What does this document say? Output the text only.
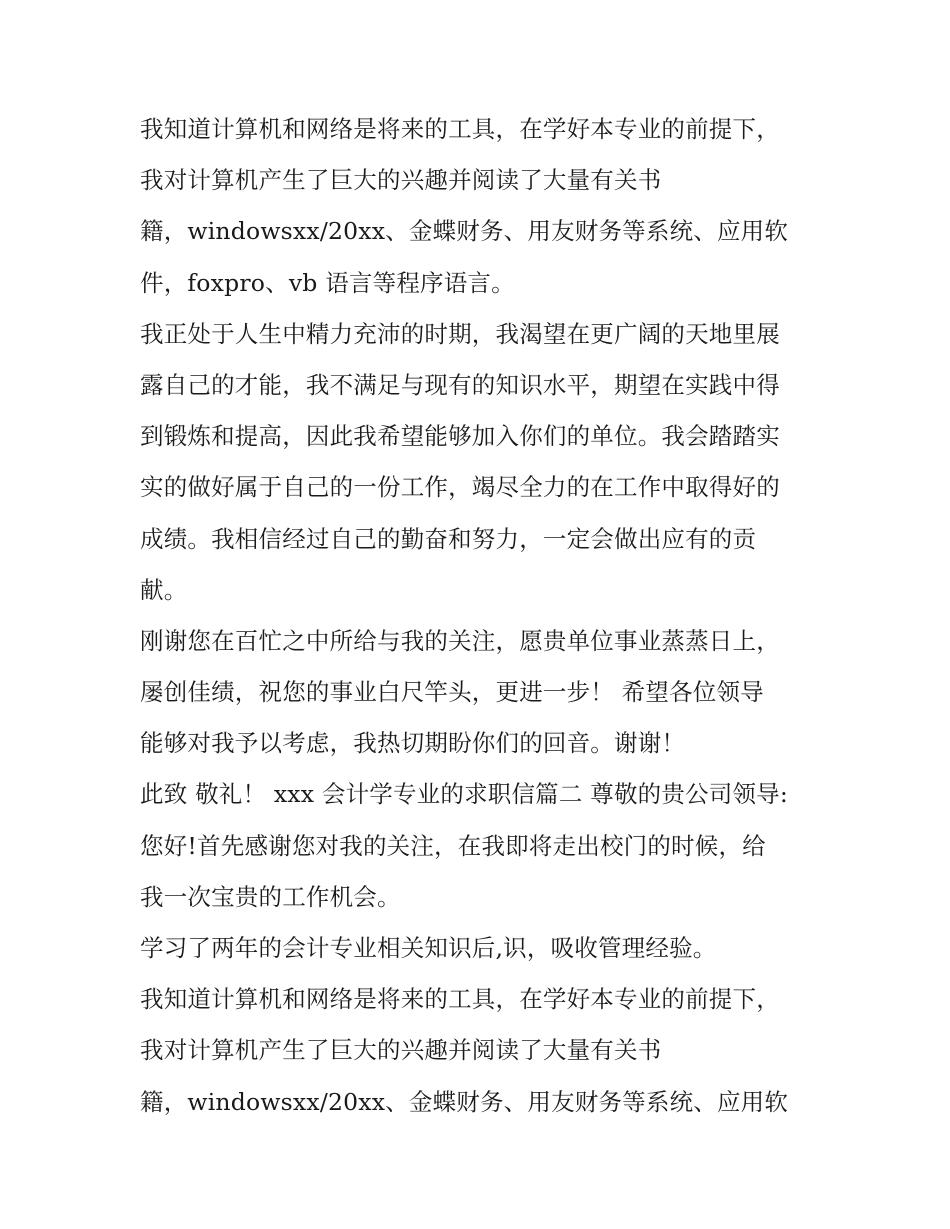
我知道计算机和网络是将来的工具，在学好本专业的前提下，
我对计算机产生了巨大的兴趣并阅读了大量有关书
籍，windowsxx/20xx、金蝶财务、用友财务等系统、应用软
件，foxpro、vb 语言等程序语言。
我正处于人生中精力充沛的时期，我渴望在更广阔的天地里展
露自己的才能，我不满足与现有的知识水平，期望在实践中得
到锻炼和提高，因此我希望能够加入你们的单位。我会踏踏实
实的做好属于自己的一份工作，竭尽全力的在工作中取得好的
成绩。我相信经过自己的勤奋和努力，一定会做出应有的贡
献。
刚谢您在百忙之中所给与我的关注，愿贵单位事业蒸蒸日上，
屡创佳绩，祝您的事业白尺竿头，更进一步！ 希望各位领导
能够对我予以考虑，我热切期盼你们的回音。谢谢！
此致 敬礼！ xxx 会计学专业的求职信篇二 尊敬的贵公司领导:
您好!首先感谢您对我的关注，在我即将走出校门的时候，给
我一次宝贵的工作机会。
学习了两年的会计专业相关知识后,识，吸收管理经验。
我知道计算机和网络是将来的工具，在学好本专业的前提下，
我对计算机产生了巨大的兴趣并阅读了大量有关书
籍，windowsxx/20xx、金蝶财务、用友财务等系统、应用软
